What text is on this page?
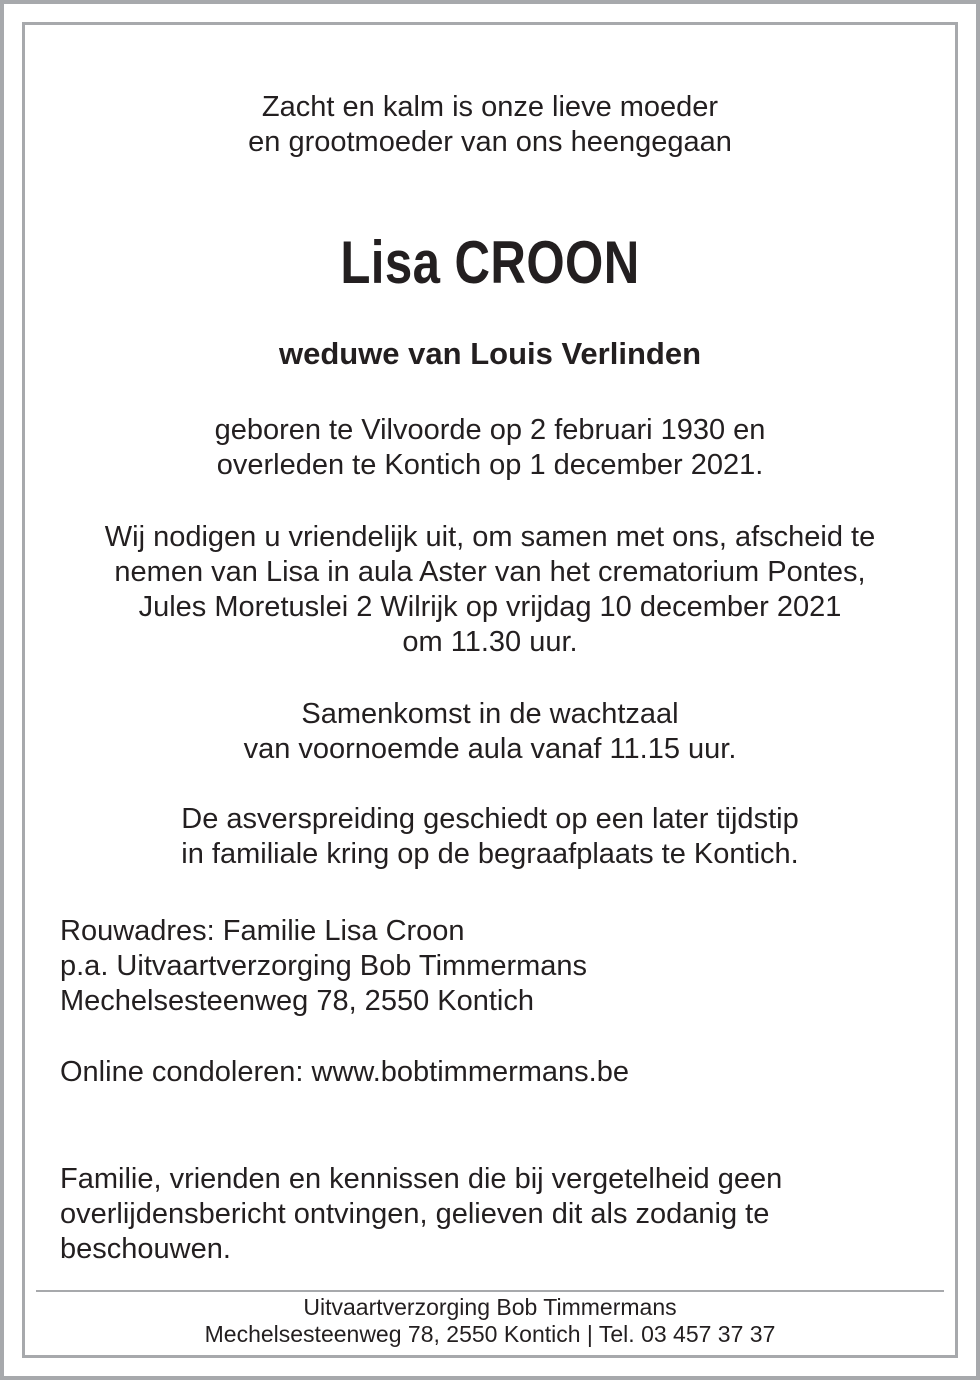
Zacht en kalm is onze lieve moeder
en grootmoeder van ons heengegaan
Lisa CROON
weduwe van Louis Verlinden
geboren te Vilvoorde op 2 februari 1930 en
overleden te Kontich op 1 december 2021.
Wij nodigen u vriendelijk uit, om samen met ons, afscheid te
nemen van Lisa in aula Aster van het crematorium Pontes,
Jules Moretuslei 2 Wilrijk op vrijdag 10 december 2021
om 11.30 uur.
Samenkomst in de wachtzaal
van voornoemde aula vanaf 11.15 uur.
De asverspreiding geschiedt op een later tijdstip
in familiale kring op de begraafplaats te Kontich.
Rouwadres: Familie Lisa Croon
p.a. Uitvaartverzorging Bob Timmermans
Mechelsesteenweg 78, 2550 Kontich
Online condoleren: www.bobtimmermans.be
Familie, vrienden en kennissen die bij vergetelheid geen
overlijdensbericht ontvingen, gelieven dit als zodanig te
beschouwen.
Uitvaartverzorging Bob Timmermans
Mechelsesteenweg 78, 2550 Kontich | Tel. 03 457 37 37
